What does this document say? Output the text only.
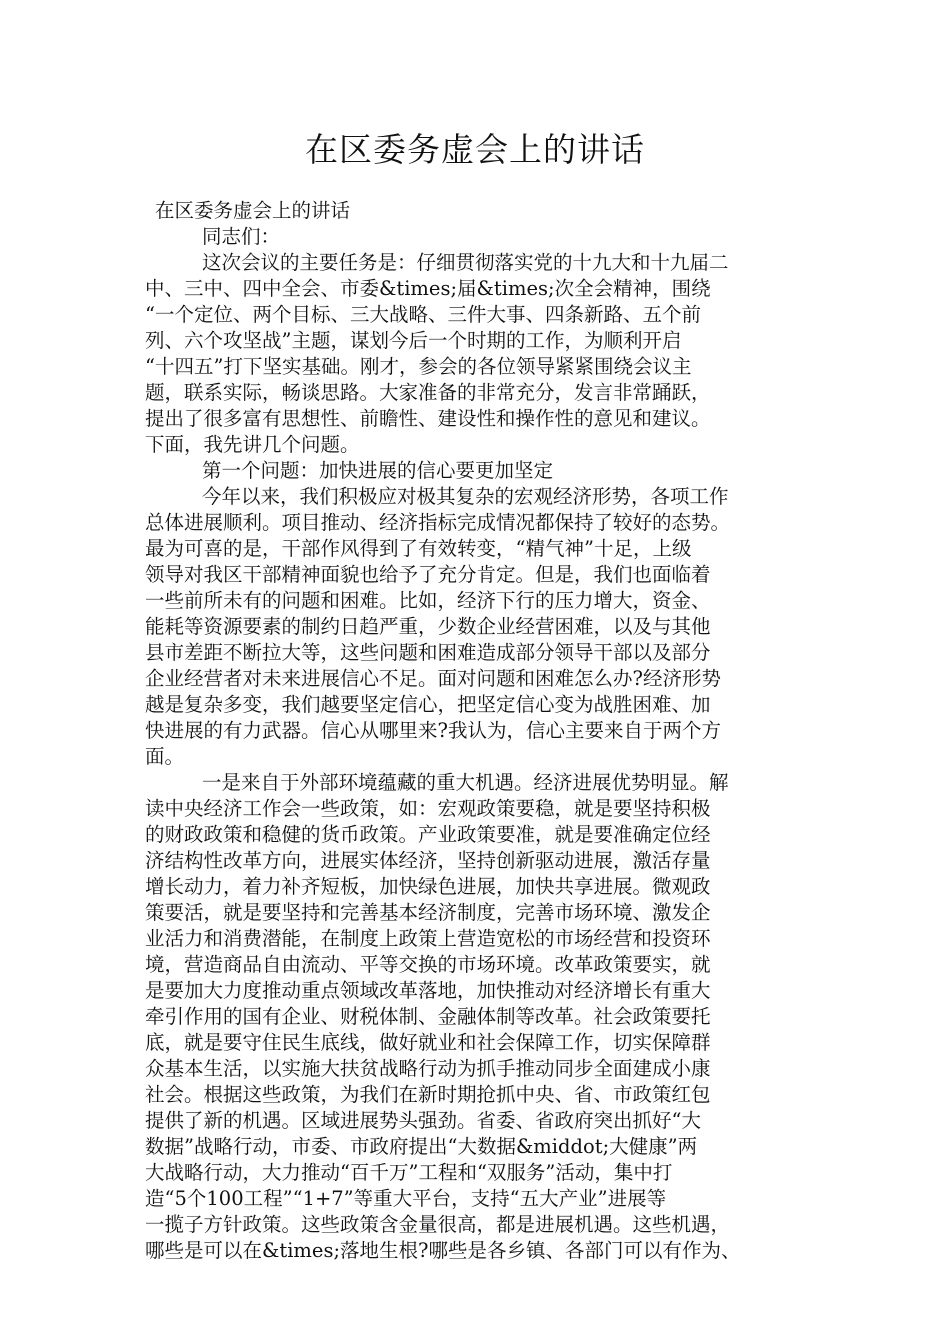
在区委务虚会上的讲话
在区委务虚会上的讲话
同志们：
这次会议的主要任务是：仔细贯彻落实党的十九大和十九届二
中、三中、四中全会、市委&times;届&times;次全会精神，围绕
“一个定位、两个目标、三大战略、三件大事、四条新路、五个前
列、六个攻坚战”主题，谋划今后一个时期的工作，为顺利开启
“十四五”打下坚实基础。刚才，参会的各位领导紧紧围绕会议主
题，联系实际，畅谈思路。大家准备的非常充分，发言非常踊跃，
提出了很多富有思想性、前瞻性、建设性和操作性的意见和建议。
下面，我先讲几个问题。
第一个问题：加快进展的信心要更加坚定
今年以来，我们积极应对极其复杂的宏观经济形势，各项工作
总体进展顺利。项目推动、经济指标完成情况都保持了较好的态势。
最为可喜的是，干部作风得到了有效转变，“精气神”十足，上级
领导对我区干部精神面貌也给予了充分肯定。但是，我们也面临着
一些前所未有的问题和困难。比如，经济下行的压力增大，资金、
能耗等资源要素的制约日趋严重，少数企业经营困难，以及与其他
县市差距不断拉大等，这些问题和困难造成部分领导干部以及部分
企业经营者对未来进展信心不足。面对问题和困难怎么办?经济形势
越是复杂多变，我们越要坚定信心，把坚定信心变为战胜困难、加
快进展的有力武器。信心从哪里来?我认为，信心主要来自于两个方
面。
一是来自于外部环境蕴藏的重大机遇。经济进展优势明显。解
读中央经济工作会一些政策，如：宏观政策要稳，就是要坚持积极
的财政政策和稳健的货币政策。产业政策要准，就是要准确定位经
济结构性改革方向，进展实体经济，坚持创新驱动进展，激活存量
增长动力，着力补齐短板，加快绿色进展，加快共享进展。微观政
策要活，就是要坚持和完善基本经济制度，完善市场环境、激发企
业活力和消费潜能，在制度上政策上营造宽松的市场经营和投资环
境，营造商品自由流动、平等交换的市场环境。改革政策要实，就
是要加大力度推动重点领域改革落地，加快推动对经济增长有重大
牵引作用的国有企业、财税体制、金融体制等改革。社会政策要托
底，就是要守住民生底线，做好就业和社会保障工作，切实保障群
众基本生活，以实施大扶贫战略行动为抓手推动同步全面建成小康
社会。根据这些政策，为我们在新时期抢抓中央、省、市政策红包
提供了新的机遇。区域进展势头强劲。省委、省政府突出抓好“大
数据”战略行动，市委、市政府提出“大数据&middot;大健康”两
大战略行动，大力推动“百千万”工程和“双服务”活动，集中打
造“5个100工程”“1+7”等重大平台，支持“五大产业”进展等
一揽子方针政策。这些政策含金量很高，都是进展机遇。这些机遇，
哪些是可以在&times;落地生根?哪些是各乡镇、各部门可以有作为、
